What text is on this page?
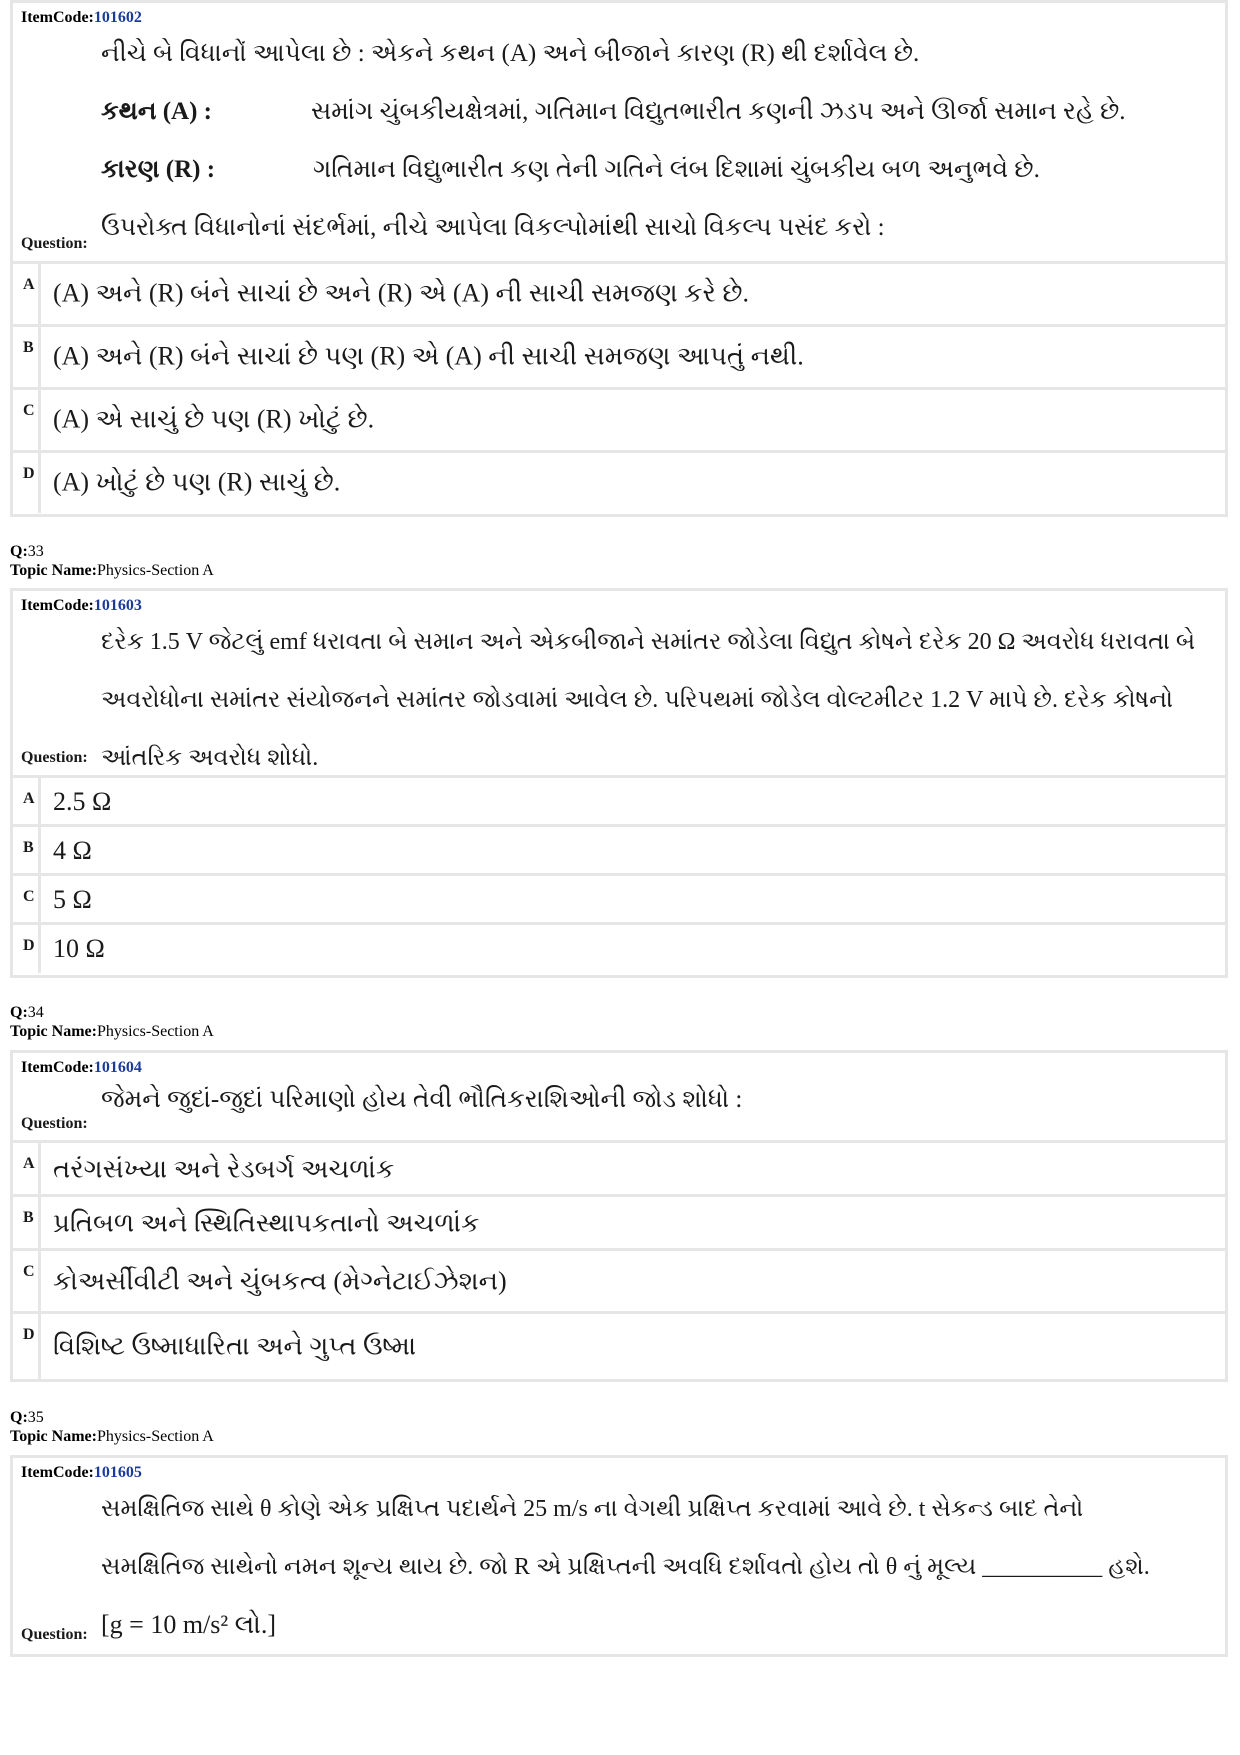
ItemCode:101602
નીચે બે વિધાનોં આપેલા છે : એકને કથન (A) અને બીજાને કારણ (R) થી દર્શાવેલ છે.
કથન (A) :	સમાંગ ચુંબકીયક્ષેત્રમાં, ગતિમાન વિદ્યુતભારીત કણની ઝડપ અને ઊર્જા સમાન રહે છે.
કારણ (R) :	ગતિમાન વિદ્યુભારીત કણ તેની ગતિને લંબ દિશામાં ચુંબકીય બળ અનુભવે છે.
ઉપરોક્ત વિધાનોનાં સંદર્ભમાં, નીચે આપેલા વિકલ્પોમાંથી સાચો વિકલ્પ પસંદ કરો :
Question:
A (A) અને (R) બંને સાચાં છે અને (R) એ (A) ની સાચી સમજણ કરે છે.
B (A) અને (R) બંને સાચાં છે પણ (R) એ (A) ની સાચી સમજણ આપતું નથી.
C (A) એ સાચું છે પણ (R) ખોટું છે.
D (A) ખોટું છે પણ (R) સાચું છે.
Q:33
Topic Name:Physics-Section A
ItemCode:101603
દરેક 1.5 V જેટલું emf ધરાવતા બે સમાન અને એકબીજાને સમાંતર જોડેલા વિદ્યુત કોષને દરેક 20 Ω અવરોધ ધરાવતા બે
અવરોધોના સમાંતર સંયોજનને સમાંતર જોડવામાં આવેલ છે. પરિપથમાં જોડેલ વોલ્ટમીટર 1.2 V માપે છે. દરેક કોષનો
આંતરિક અવરોધ શોધો.
Question:
A 2.5 Ω
B 4 Ω
C 5 Ω
D 10 Ω
Q:34
Topic Name:Physics-Section A
ItemCode:101604
જેમને જુદાં-જુદાં પરિમાણો હોય તેવી ભૌતિકરાશિઓની જોડ શોધો :
Question:
A તરંગસંખ્યા અને રેડબર્ગ અચળાંક
B પ્રતિબળ અને સ્થિતિસ્થાપકતાનો અચળાંક
C કોઅર્સીવીટી અને ચુંબકત્વ (મેગ્નેટાઈઝેશન)
D વિશિષ્ટ ઉષ્માધારિતા અને ગુપ્ત ઉષ્મા
Q:35
Topic Name:Physics-Section A
ItemCode:101605
સમક્ષિતિજ સાથે θ કોણે એક પ્રક્ષિપ્ત પદાર્થને 25 m/s ના વેગથી પ્રક્ષિપ્ત કરવામાં આવે છે. t સેકન્ડ બાદ તેનો
સમક્ષિતિજ સાથેનો નમન શૂન્ય થાય છે. જો R એ પ્રક્ષિપ્તની અવધિ દર્શાવતો હોય તો θ નું મૂલ્ય __________ હશે.
[g = 10 m/s² લો.]
Question:
